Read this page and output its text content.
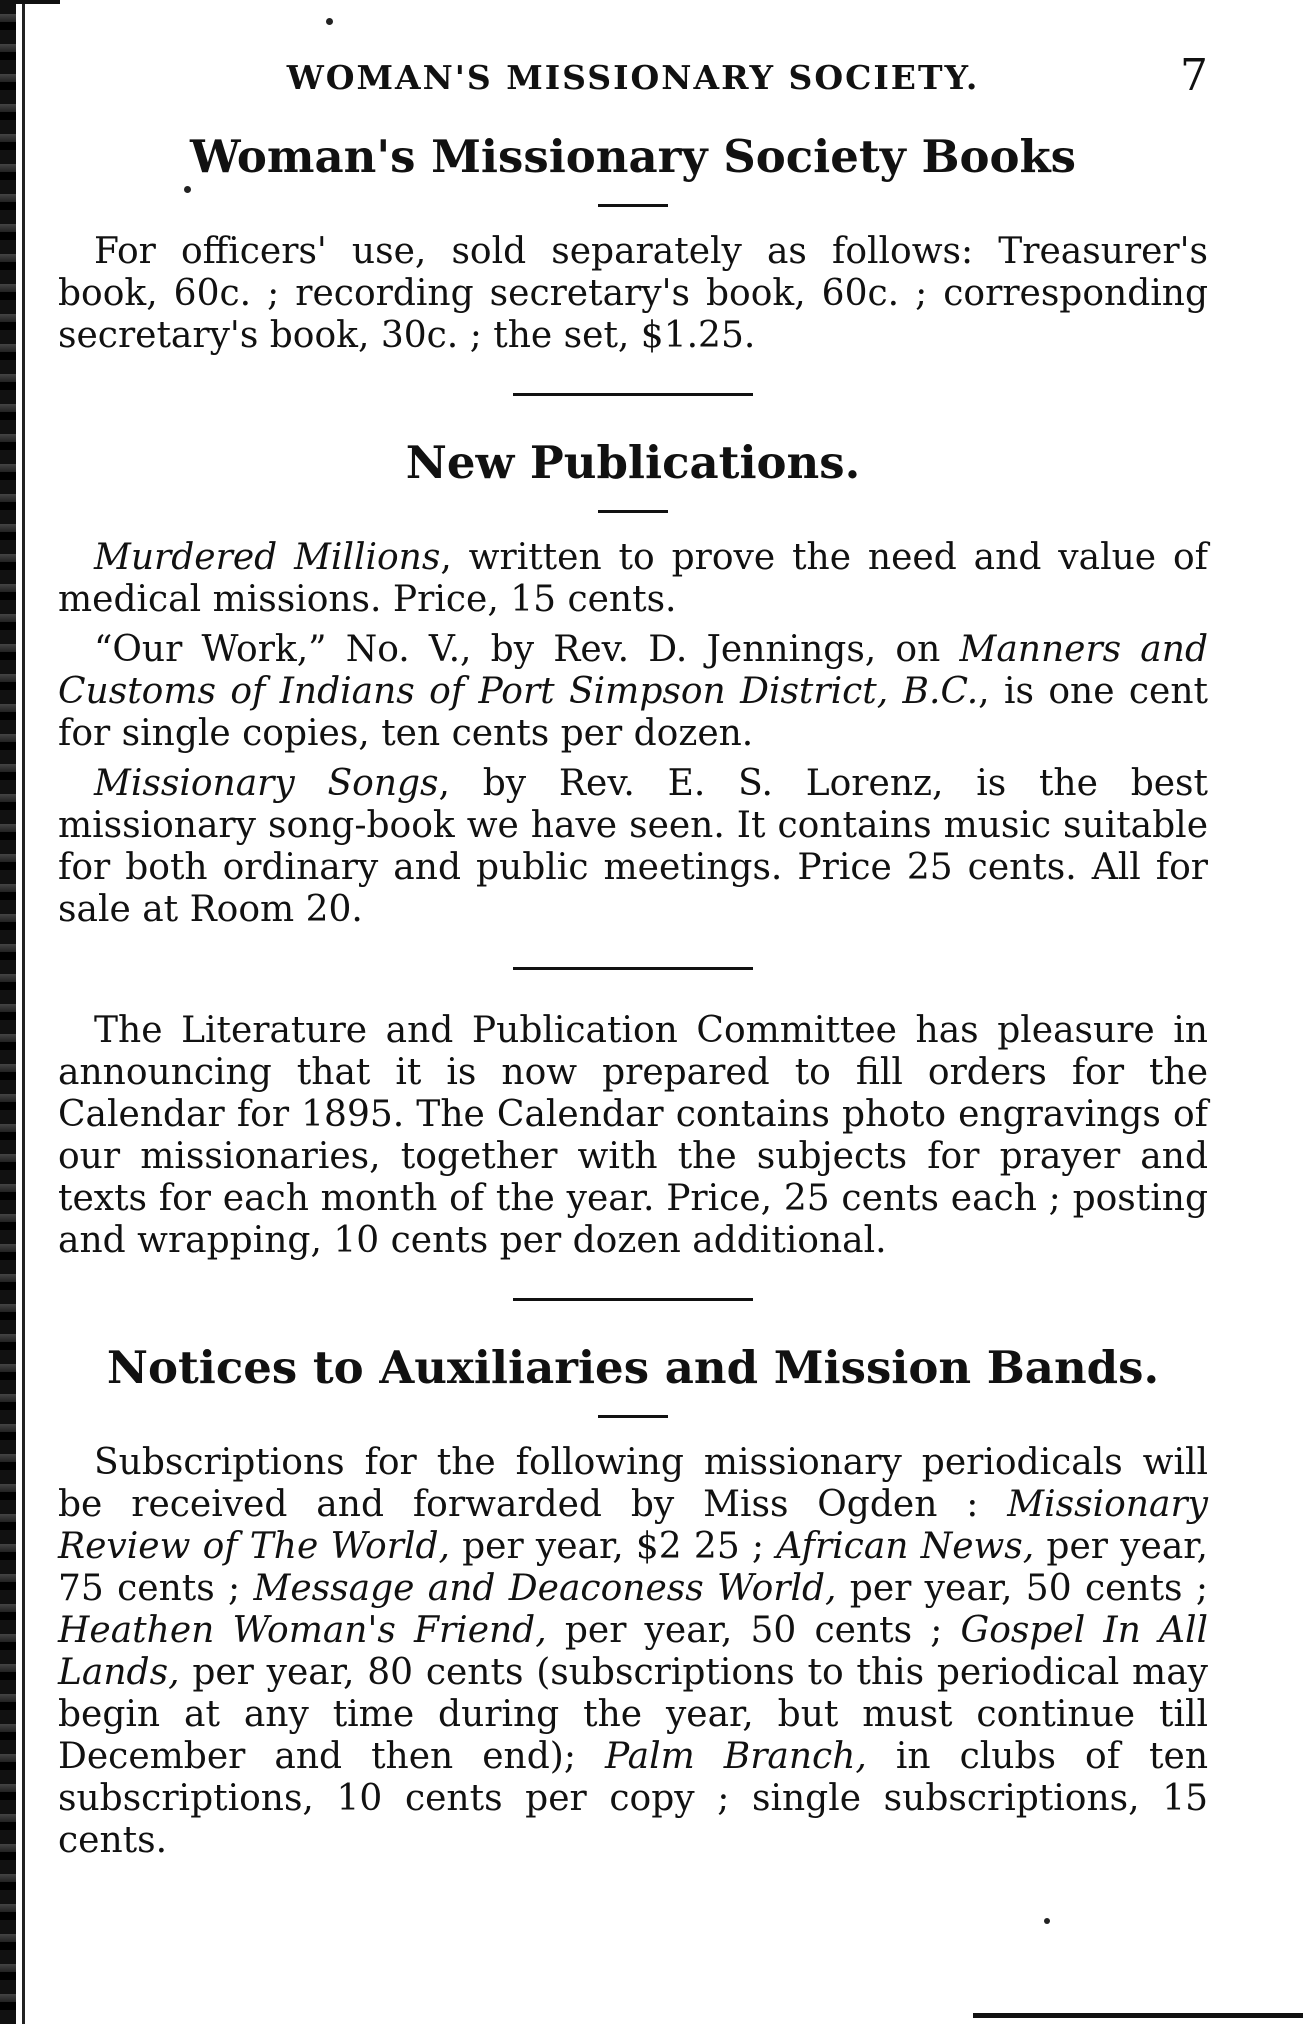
WOMAN'S MISSIONARY SOCIETY.	7
Woman's Missionary Society Books

For officers' use, sold separately as follows: Treasurer's book, 60c. ; recording secretary's book, 60c. ; corresponding secretary's book, 30c. ; the set, $1.25.

New Publications.

Murdered Millions, written to prove the need and value of medical missions. Price, 15 cents.

“Our Work,” No. V., by Rev. D. Jennings, on Manners and Customs of Indians of Port Simpson District, B.C., is one cent for single copies, ten cents per dozen.

Missionary Songs, by Rev. E. S. Lorenz, is the best missionary song-book we have seen. It contains music suitable for both ordinary and public meetings. Price 25 cents. All for sale at Room 20.

The Literature and Publication Committee has pleasure in announcing that it is now prepared to fill orders for the Calendar for 1895. The Calendar contains photo engravings of our missionaries, together with the subjects for prayer and texts for each month of the year. Price, 25 cents each ; posting and wrapping, 10 cents per dozen additional.

Notices to Auxiliaries and Mission Bands.

Subscriptions for the following missionary periodicals will be received and forwarded by Miss Ogden : Missionary Review of The World, per year, $2 25 ; African News, per year, 75 cents ; Message and Deaconess World, per year, 50 cents ; Heathen Woman's Friend, per year, 50 cents ; Gospel In All Lands, per year, 80 cents (subscriptions to this periodical may begin at any time during the year, but must continue till December and then end); Palm Branch, in clubs of ten subscriptions, 10 cents per copy ; single subscriptions, 15 cents.
